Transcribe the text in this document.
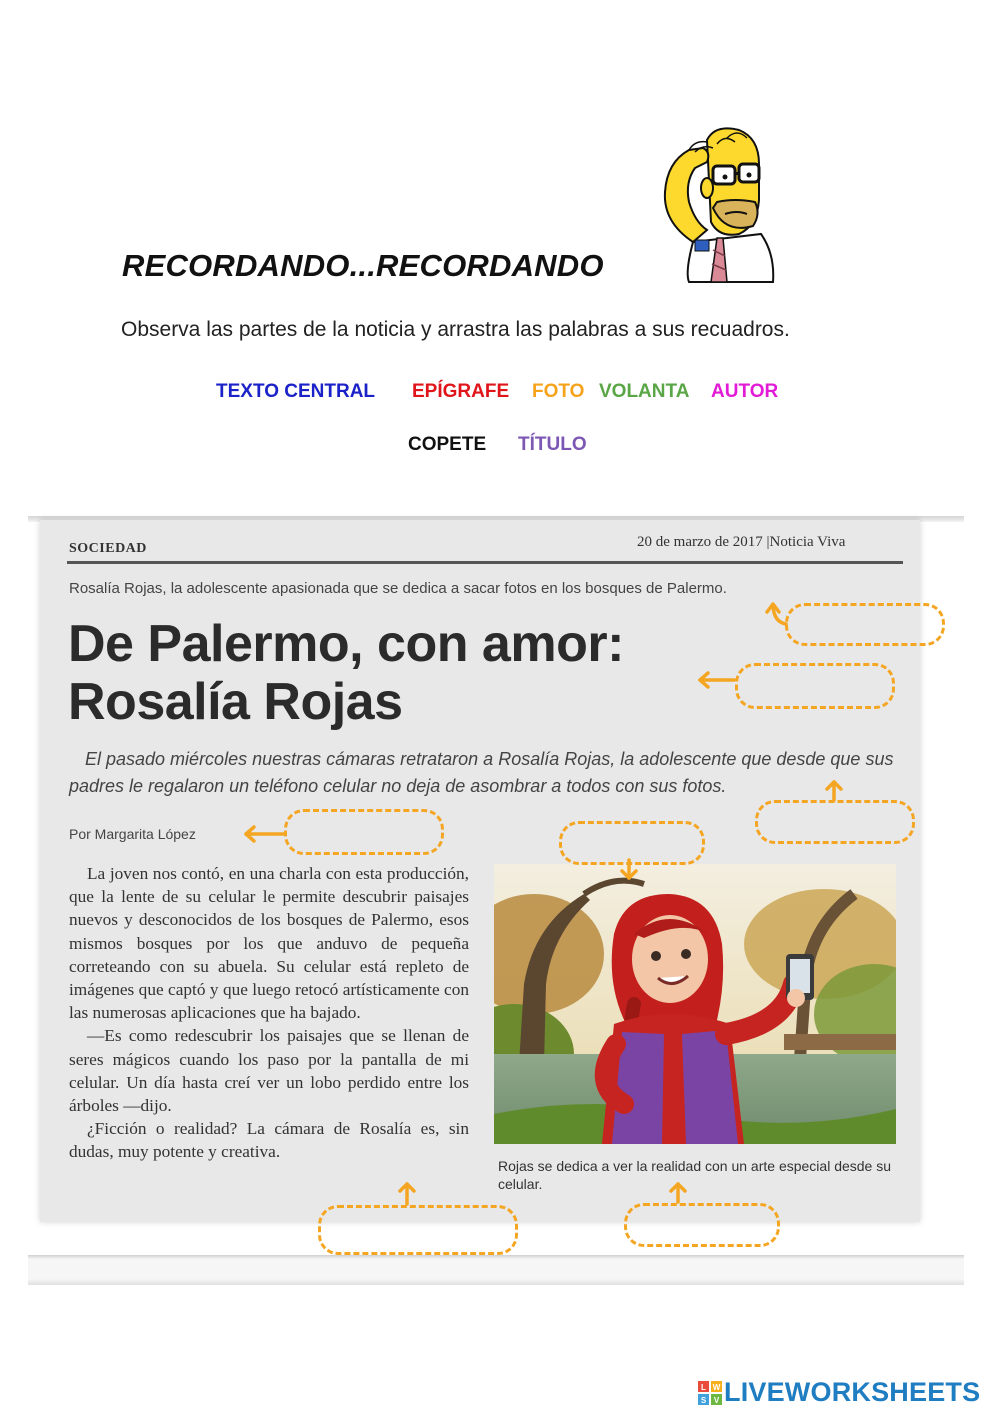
RECORDANDO...RECORDANDO
Observa las partes de la noticia y arrastra las palabras a sus recuadros.
TEXTO CENTRAL EPÍGRAFE FOTO VOLANTA AUTOR
COPETE TÍTULO
SOCIEDAD	20 de marzo de 2017 |Noticia Viva
Rosalía Rojas, la adolescente apasionada que se dedica a sacar fotos en los bosques de Palermo.
De Palermo, con amor:
Rosalía Rojas
El pasado miércoles nuestras cámaras retrataron a Rosalía Rojas, la adolescente que desde que sus padres le regalaron un teléfono celular no deja de asombrar a todos con sus fotos.
Por Margarita López

La joven nos contó, en una charla con esta producción, que la lente de su celular le permite descubrir paisajes nuevos y desconocidos de los bosques de Palermo, esos mismos bosques por los que anduvo de pequeña correteando con su abuela. Su celular está repleto de imágenes que captó y que luego retocó artísticamente con las numerosas aplicaciones que ha bajado.

—Es como redescubrir los paisajes que se llenan de seres mágicos cuando los paso por la pantalla de mi celular. Un día hasta creí ver un lobo perdido entre los árboles —dijo.

¿Ficción o realidad? La cámara de Rosalía es, sin dudas, muy potente y creativa.

Rojas se dedica a ver la realidad con un arte especial desde su celular.
L W
S V LIVEWORKSHEETS
